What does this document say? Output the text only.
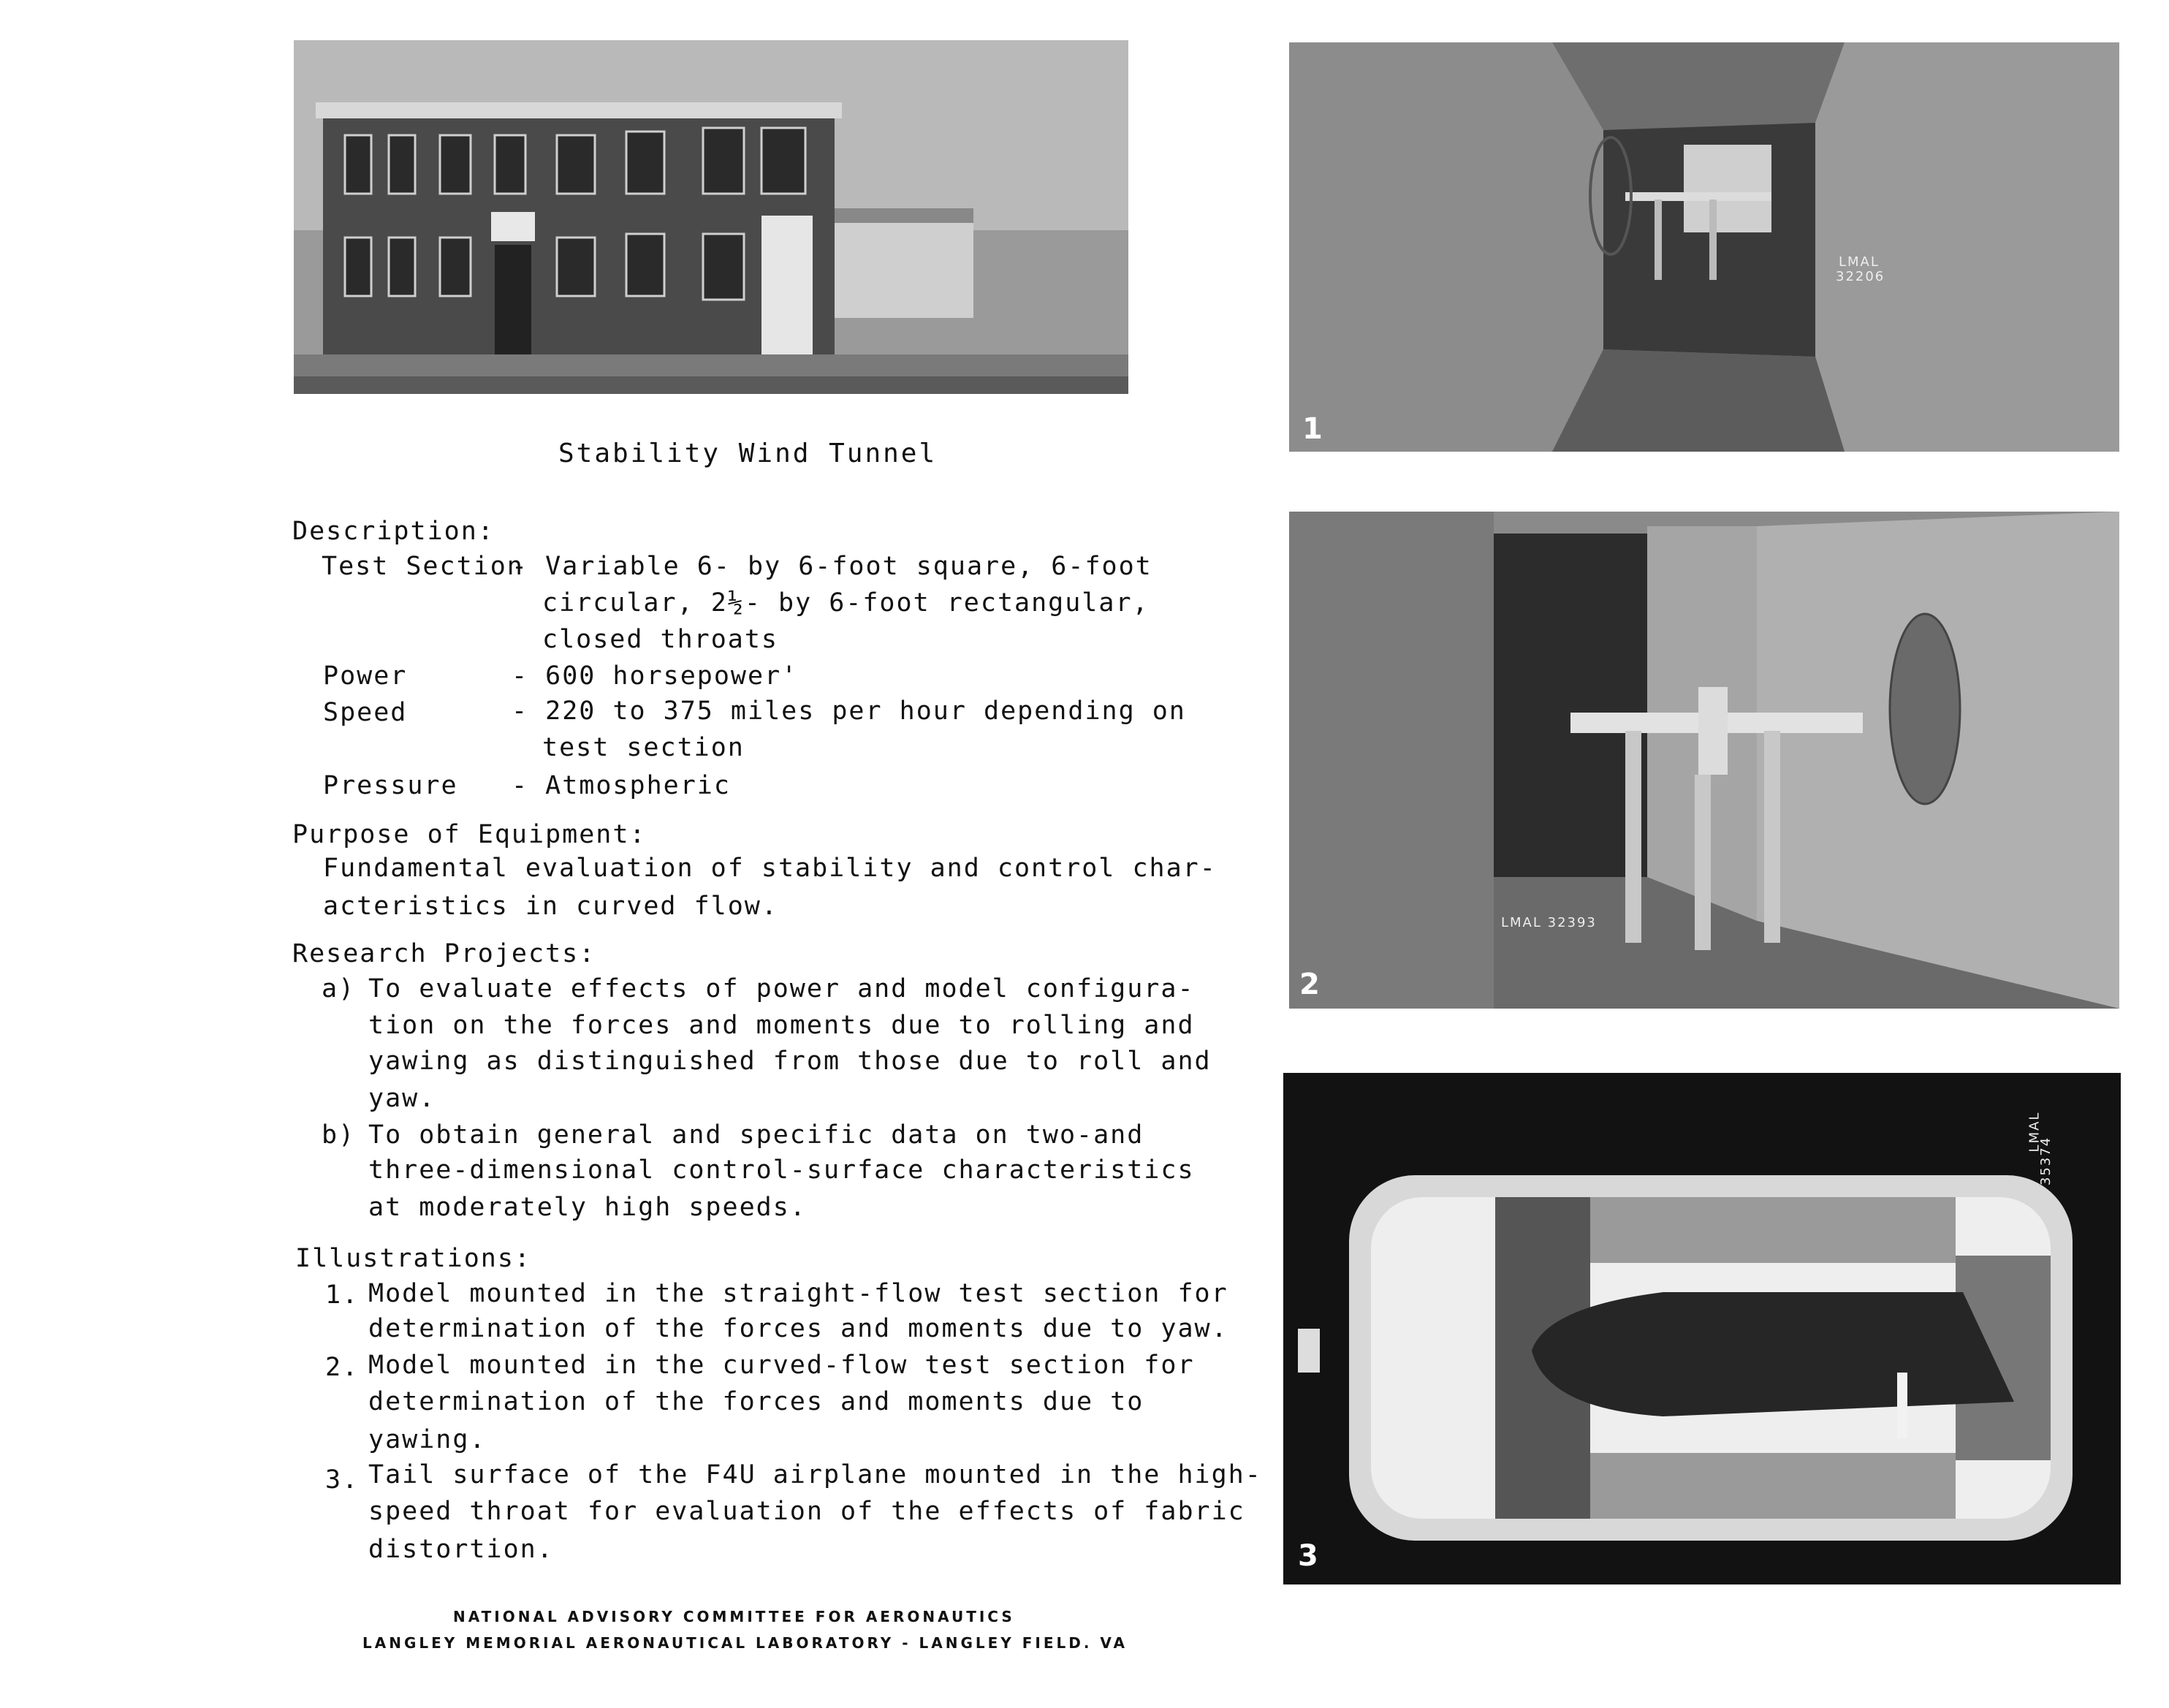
Stability Wind Tunnel
Description:
Test Section
- Variable 6- by 6-foot square, 6-foot
circular, 2½- by 6-foot rectangular,
closed throats
Power	- 600 horsepower'
Speed	- 220 to 375 miles per hour depending on
test section
Pressure - Atmospheric
Purpose of Equipment:
Fundamental evaluation of stability and control char-
acteristics in curved flow.
Research Projects:
a) To evaluate effects of power and model configura-
tion on the forces and moments due to rolling and
yawing as distinguished from those due to roll and
yaw.
b) To obtain general and specific data on two-and
three-dimensional control-surface characteristics
at moderately high speeds.
Illustrations:
1. Model mounted in the straight-flow test section for
determination of the forces and moments due to yaw.
2. Model mounted in the curved-flow test section for
determination of the forces and moments due to
yawing.
3. Tail surface of the F4U airplane mounted in the high-
speed throat for evaluation of the effects of fabric
distortion.
NATIONAL ADVISORY COMMITTEE FOR AERONAUTICS
LANGLEY MEMORIAL AERONAUTICAL LABORATORY - LANGLEY FIELD. VA
1
LMAL
32206
2
LMAL 32393
3
LMAL
35374
